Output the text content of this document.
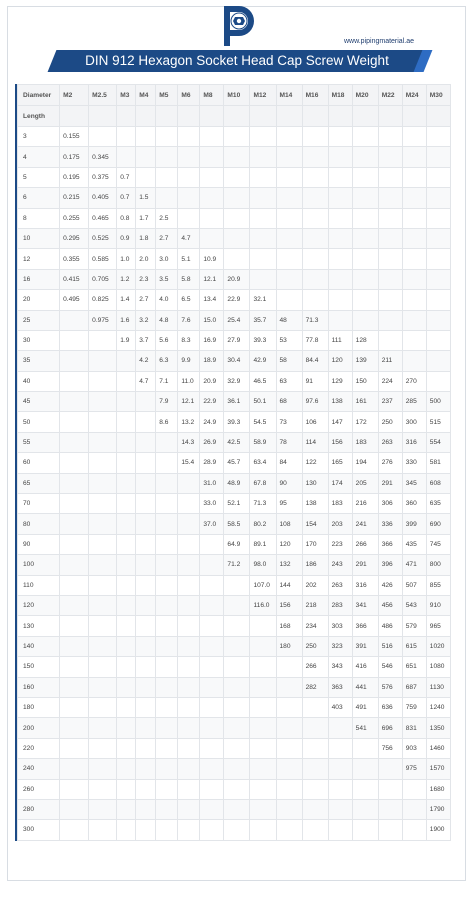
www.pipingmaterial.ae
DIN 912 Hexagon Socket Head Cap Screw Weight
Diameter	M2	M2.5	M3	M4	M5	M6	M8	M10	M12	M14	M16	M18	M20	M22	M24	M30
Length																
3	0.155															
4	0.175	0.345														
5	0.195	0.375	0.7													
6	0.215	0.405	0.7	1.5												
8	0.255	0.465	0.8	1.7	2.5											
10	0.295	0.525	0.9	1.8	2.7	4.7										
12	0.355	0.585	1.0	2.0	3.0	5.1	10.9									
16	0.415	0.705	1.2	2.3	3.5	5.8	12.1	20.9								
20	0.495	0.825	1.4	2.7	4.0	6.5	13.4	22.9	32.1							
25		0.975	1.6	3.2	4.8	7.6	15.0	25.4	35.7	48	71.3					
30			1.9	3.7	5.6	8.3	16.9	27.9	39.3	53	77.8	111	128			
35				4.2	6.3	9.9	18.9	30.4	42.9	58	84.4	120	139	211		
40				4.7	7.1	11.0	20.9	32.9	46.5	63	91	129	150	224	270	
45					7.9	12.1	22.9	36.1	50.1	68	97.6	138	161	237	285	500
50					8.6	13.2	24.9	39.3	54.5	73	106	147	172	250	300	515
55						14.3	26.9	42.5	58.9	78	114	156	183	263	316	554
60						15.4	28.9	45.7	63.4	84	122	165	194	276	330	581
65							31.0	48.9	67.8	90	130	174	205	291	345	608
70							33.0	52.1	71.3	95	138	183	216	306	360	635
80							37.0	58.5	80.2	108	154	203	241	336	399	690
90								64.9	89.1	120	170	223	266	366	435	745
100								71.2	98.0	132	186	243	291	396	471	800
110									107.0	144	202	263	316	426	507	855
120									116.0	156	218	283	341	456	543	910
130										168	234	303	366	486	579	965
140										180	250	323	391	516	615	1020
150											266	343	416	546	651	1080
160											282	363	441	576	687	1130
180												403	491	636	759	1240
200													541	696	831	1350
220														756	903	1460
240															975	1570
260																1680
280																1790
300																1900
